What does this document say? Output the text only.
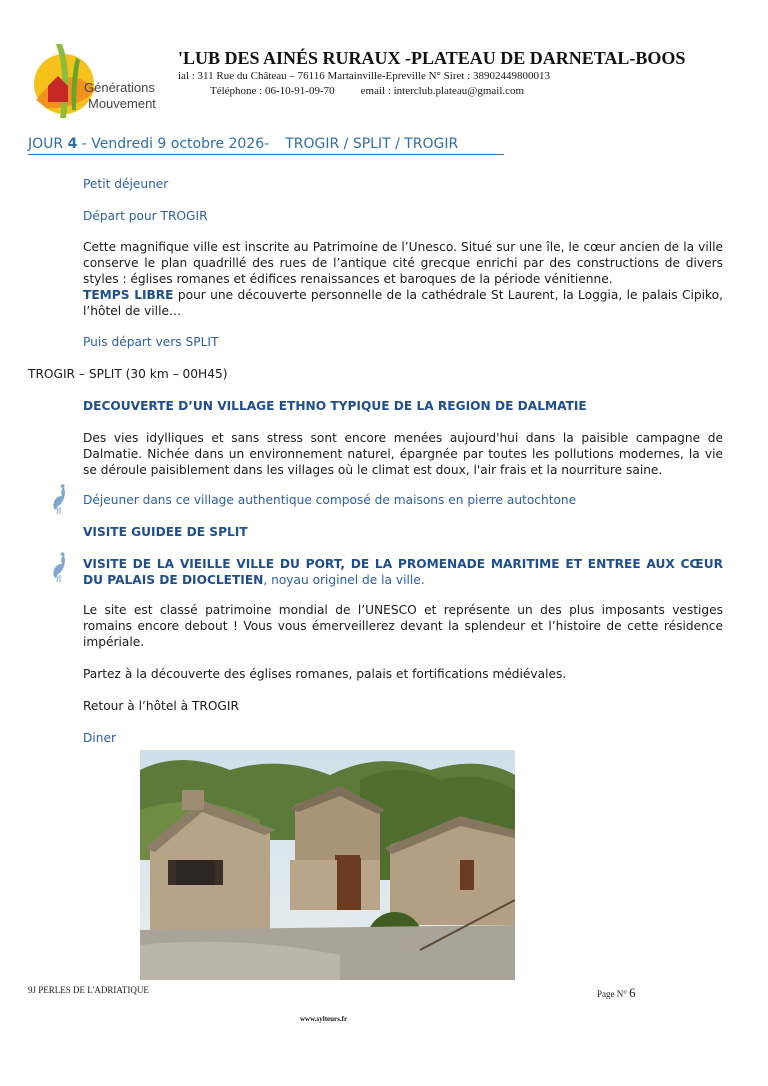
Générations
Mouvement
'LUB DES AINÉS RURAUX -PLATEAU DE DARNETAL-BOOS
ial : 311 Rue du Château – 76116 Martainville-Epreville N° Siret : 38902449800013
Téléphone : 06-10-91-09-70 email : interclub.plateau@gmail.com
JOUR 4 - Vendredi 9 octobre 2026- TROGIR / SPLIT / TROGIR
Petit déjeuner
Départ pour TROGIR
Cette magnifique ville est inscrite au Patrimoine de l’Unesco. Situé sur une île, le cœur ancien de la ville conserve le plan quadrillé des rues de l’antique cité grecque enrichi par des constructions de divers styles : églises romanes et édifices renaissances et baroques de la période vénitienne.
TEMPS LIBRE pour une découverte personnelle de la cathédrale St Laurent, la Loggia, le palais Cipiko, l’hôtel de ville…
Puis départ vers SPLIT
TROGIR – SPLIT (30 km – 00H45)
DECOUVERTE D’UN VILLAGE ETHNO TYPIQUE DE LA REGION DE DALMATIE
Des vies idylliques et sans stress sont encore menées aujourd'hui dans la paisible campagne de Dalmatie. Nichée dans un environnement naturel, épargnée par toutes les pollutions modernes, la vie se déroule paisiblement dans les villages où le climat est doux, l'air frais et la nourriture saine.
Déjeuner dans ce village authentique composé de maisons en pierre autochtone
VISITE GUIDEE DE SPLIT
VISITE DE LA VIEILLE VILLE DU PORT, DE LA PROMENADE MARITIME ET ENTREE AUX CŒUR DU PALAIS DE DIOCLETIEN, noyau originel de la ville.
Le site est classé patrimoine mondial de l’UNESCO et représente un des plus imposants vestiges romains encore debout ! Vous vous émerveillerez devant la splendeur et l’histoire de cette résidence impériale.
Partez à la découverte des églises romanes, palais et fortifications médiévales.
Retour à l’hôtel à TROGIR
Diner
9J PERLES DE L'ADRIATIQUE	Page N° 6
www.sylteurs.fr
